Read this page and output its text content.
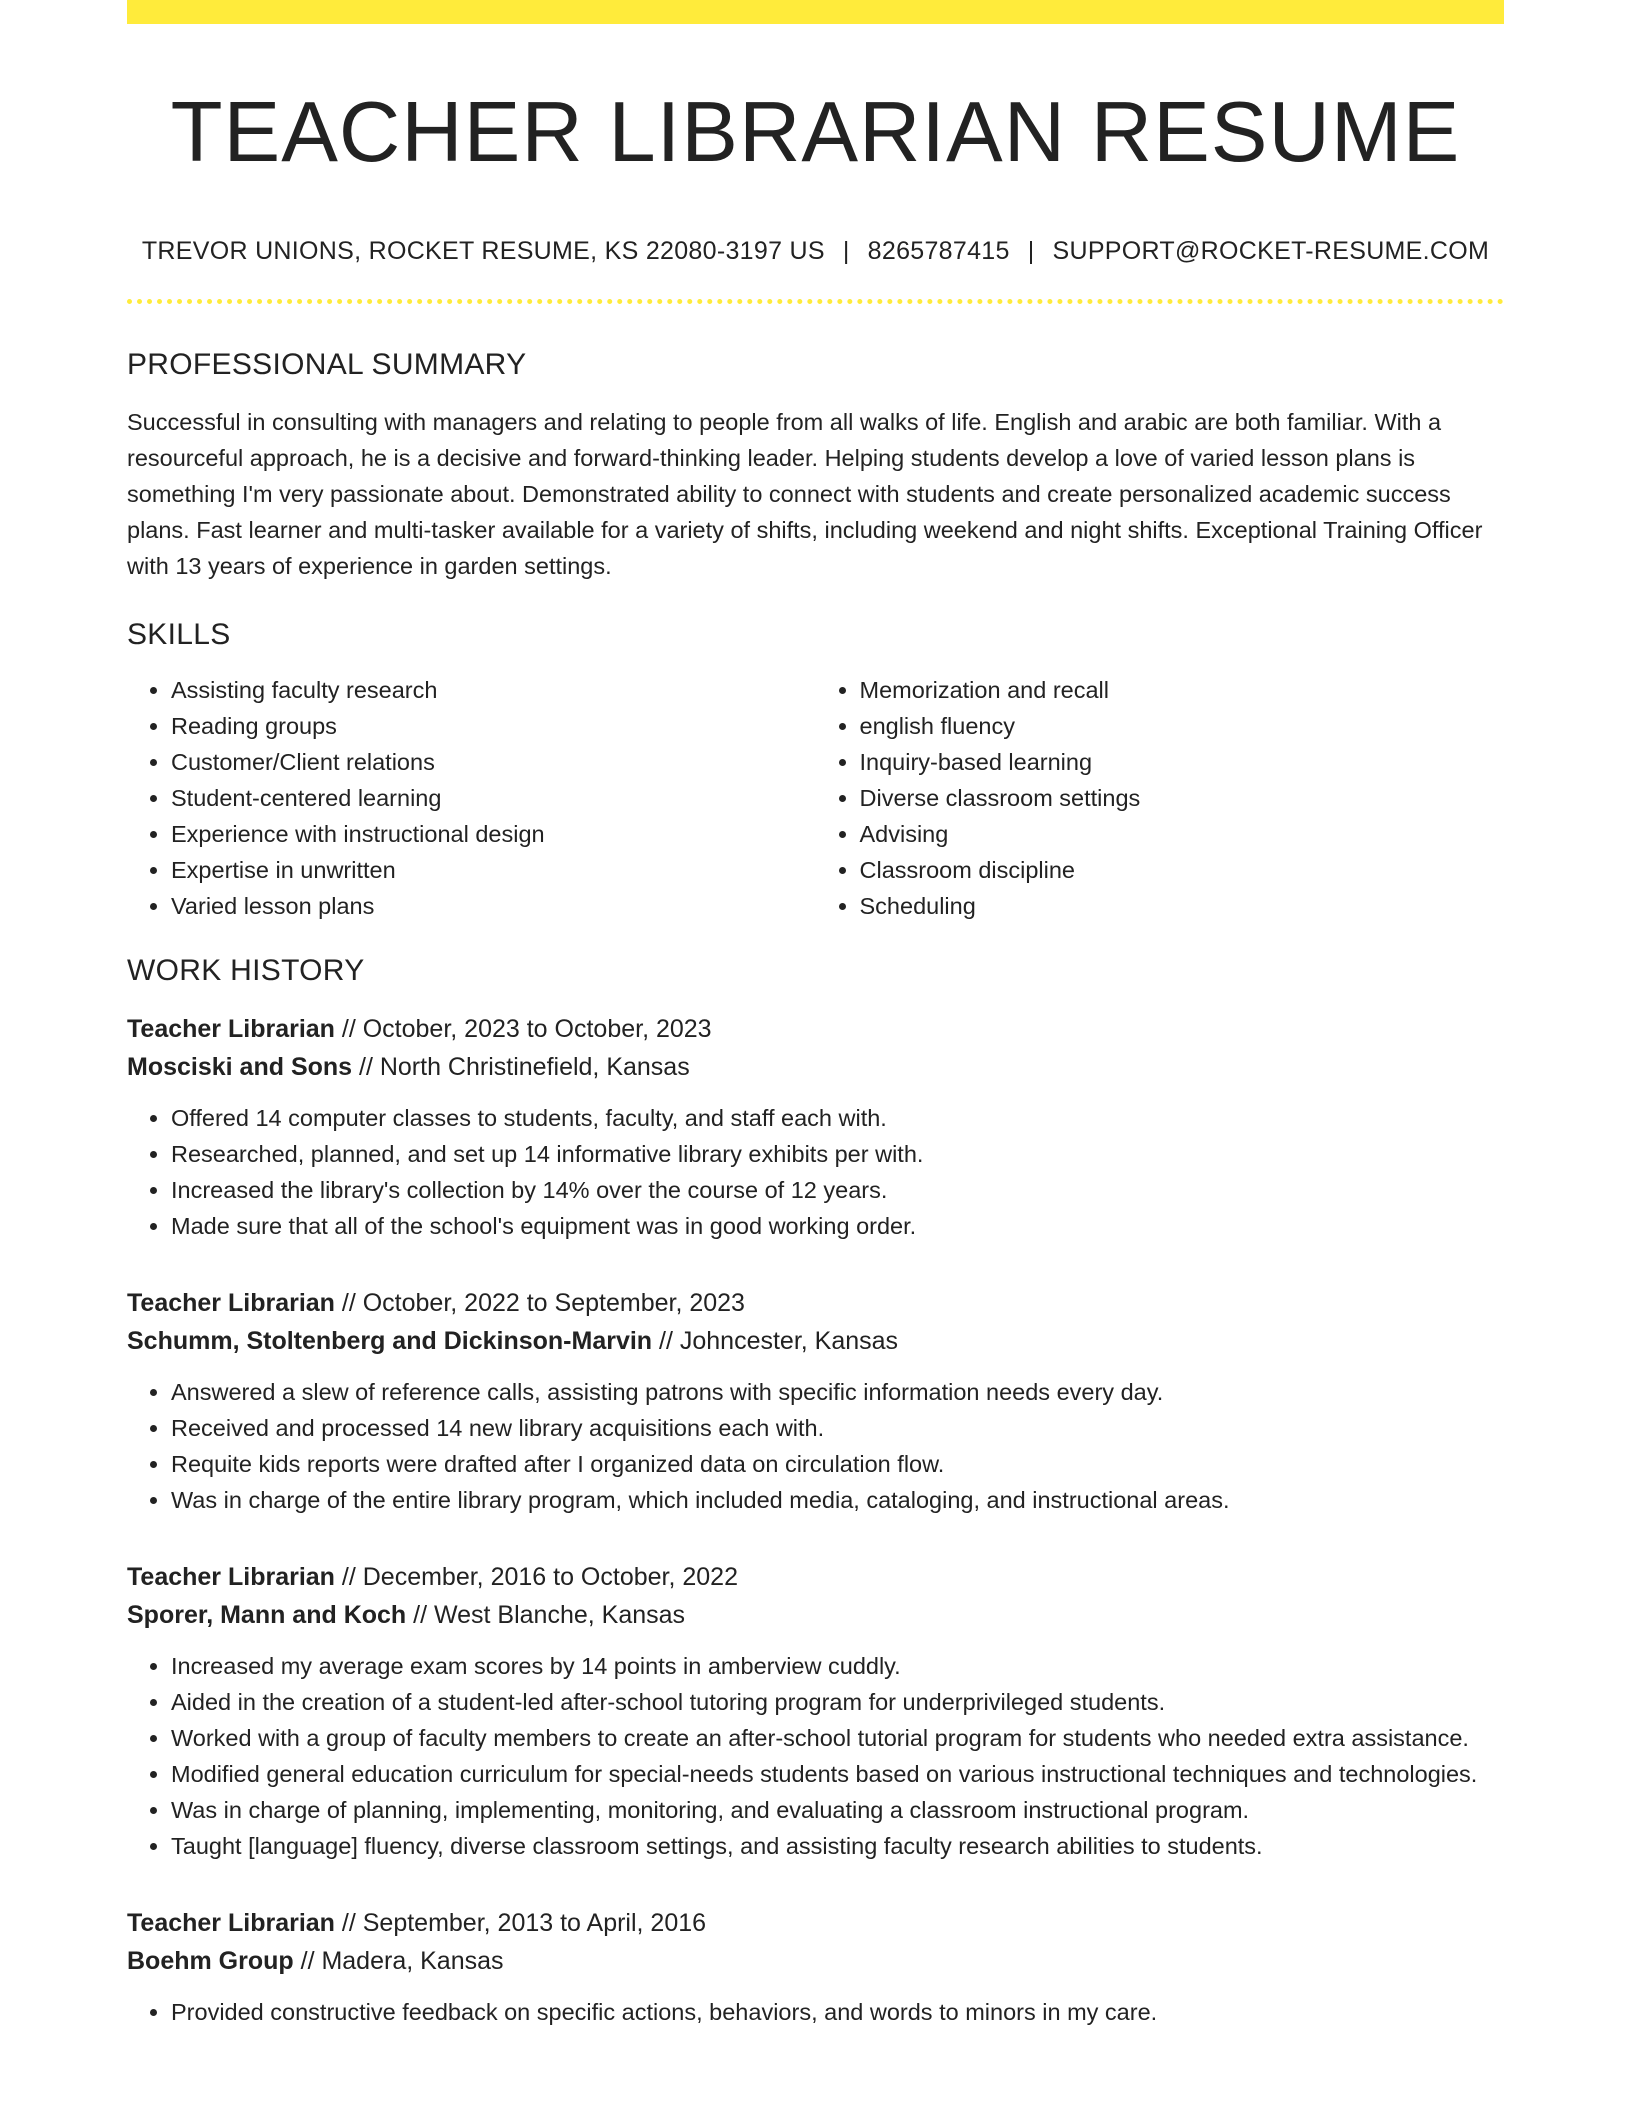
TEACHER LIBRARIAN RESUME
TREVOR UNIONS, ROCKET RESUME, KS 22080-3197 US | 8265787415 | SUPPORT@ROCKET-RESUME.COM
PROFESSIONAL SUMMARY
Successful in consulting with managers and relating to people from all walks of life. English and arabic are both familiar. With a resourceful approach, he is a decisive and forward-thinking leader. Helping students develop a love of varied lesson plans is something I'm very passionate about. Demonstrated ability to connect with students and create personalized academic success plans. Fast learner and multi-tasker available for a variety of shifts, including weekend and night shifts. Exceptional Training Officer with 13 years of experience in garden settings.
SKILLS
• Assisting faculty research
• Reading groups
• Customer/Client relations
• Student-centered learning
• Experience with instructional design
• Expertise in unwritten
• Varied lesson plans
• Memorization and recall
• english fluency
• Inquiry-based learning
• Diverse classroom settings
• Advising
• Classroom discipline
• Scheduling
WORK HISTORY
Teacher Librarian // October, 2023 to October, 2023
Mosciski and Sons // North Christinefield, Kansas
• Offered 14 computer classes to students, faculty, and staff each with.
• Researched, planned, and set up 14 informative library exhibits per with.
• Increased the library's collection by 14% over the course of 12 years.
• Made sure that all of the school's equipment was in good working order.
Teacher Librarian // October, 2022 to September, 2023
Schumm, Stoltenberg and Dickinson-Marvin // Johncester, Kansas
• Answered a slew of reference calls, assisting patrons with specific information needs every day.
• Received and processed 14 new library acquisitions each with.
• Requite kids reports were drafted after I organized data on circulation flow.
• Was in charge of the entire library program, which included media, cataloging, and instructional areas.
Teacher Librarian // December, 2016 to October, 2022
Sporer, Mann and Koch // West Blanche, Kansas
• Increased my average exam scores by 14 points in amberview cuddly.
• Aided in the creation of a student-led after-school tutoring program for underprivileged students.
• Worked with a group of faculty members to create an after-school tutorial program for students who needed extra assistance.
• Modified general education curriculum for special-needs students based on various instructional techniques and technologies.
• Was in charge of planning, implementing, monitoring, and evaluating a classroom instructional program.
• Taught [language] fluency, diverse classroom settings, and assisting faculty research abilities to students.
Teacher Librarian // September, 2013 to April, 2016
Boehm Group // Madera, Kansas
• Provided constructive feedback on specific actions, behaviors, and words to minors in my care.
